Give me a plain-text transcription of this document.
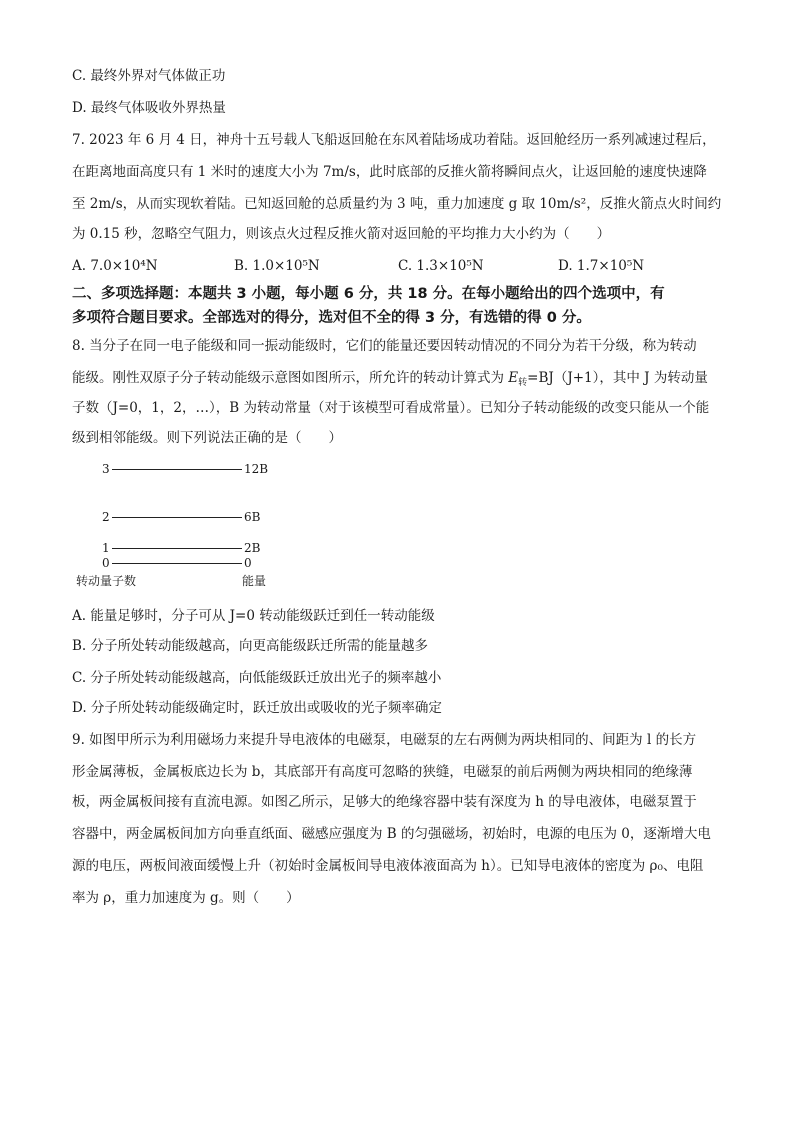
C. 最终外界对气体做正功
D. 最终气体吸收外界热量
7. 2023 年 6 月 4 日，神舟十五号载人飞船返回舱在东风着陆场成功着陆。返回舱经历一系列减速过程后，
在距离地面高度只有 1 米时的速度大小为 7m/s，此时底部的反推火箭将瞬间点火，让返回舱的速度快速降
至 2m/s，从而实现软着陆。已知返回舱的总质量约为 3 吨，重力加速度 g 取 10m/s²，反推火箭点火时间约
为 0.15 秒，忽略空气阻力，则该点火过程反推火箭对返回舱的平均推力大小约为（　　）
A. 7.0×10⁴N	B. 1.0×10⁵N	C. 1.3×10⁵N	D. 1.7×10⁵N
二、多项选择题：本题共 3 小题，每小题 6 分，共 18 分。在每小题给出的四个选项中，有
多项符合题目要求。全部选对的得分，选对但不全的得 3 分，有选错的得 0 分。
8. 当分子在同一电子能级和同一振动能级时，它们的能量还要因转动情况的不同分为若干分级，称为转动
能级。刚性双原子分子转动能级示意图如图所示，所允许的转动计算式为 $E_转=BJ(J+1)$，其中 J 为转动量
子数（J=0，1，2，…），B 为转动常量（对于该模型可看成常量）。已知分子转动能级的改变只能从一个能
级到相邻能级。则下列说法正确的是（　　）
3	12B
2	6B
1	2B
0	0
转动量子数	能量
A. 能量足够时，分子可从 J=0 转动能级跃迁到任一转动能级
B. 分子所处转动能级越高，向更高能级跃迁所需的能量越多
C. 分子所处转动能级越高，向低能级跃迁放出光子的频率越小
D. 分子所处转动能级确定时，跃迁放出或吸收的光子频率确定
9. 如图甲所示为利用磁场力来提升导电液体的电磁泵，电磁泵的左右两侧为两块相同的、间距为 l 的长方
形金属薄板，金属板底边长为 b，其底部开有高度可忽略的狭缝，电磁泵的前后两侧为两块相同的绝缘薄
板，两金属板间接有直流电源。如图乙所示，足够大的绝缘容器中装有深度为 h 的导电液体，电磁泵置于
容器中，两金属板间加方向垂直纸面、磁感应强度为 B 的匀强磁场，初始时，电源的电压为 0，逐渐增大电
源的电压，两板间液面缓慢上升（初始时金属板间导电液体液面高为 h）。已知导电液体的密度为 ρ₀、电阻
率为 ρ，重力加速度为 g。则（　　）
